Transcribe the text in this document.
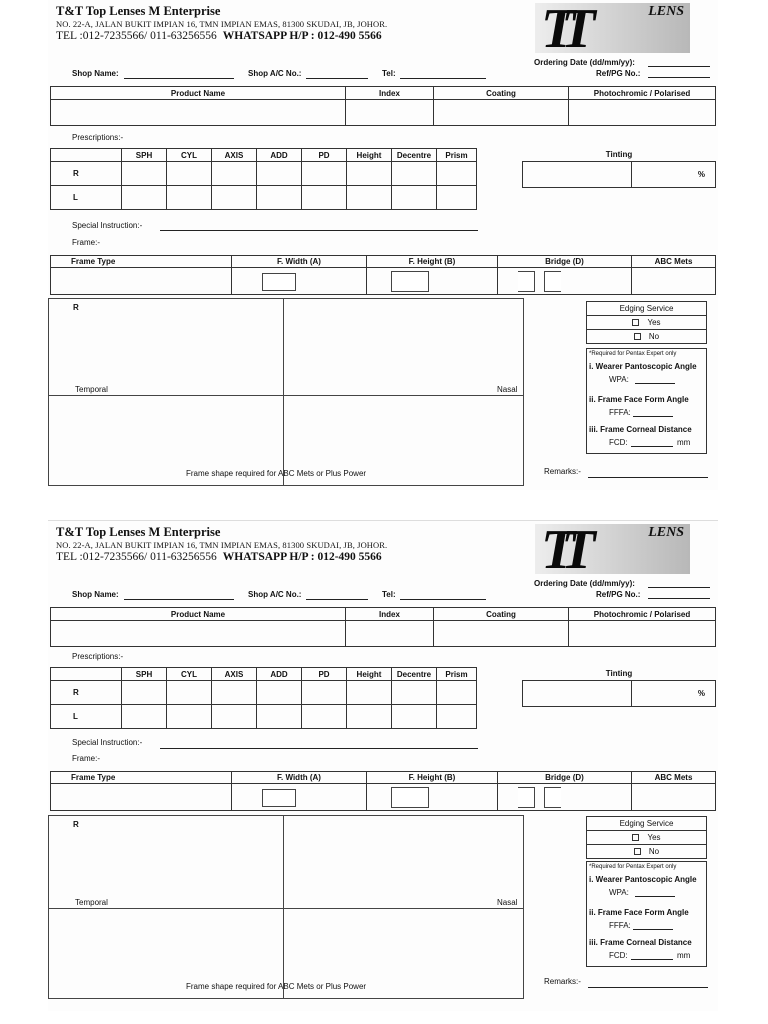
T&T Top Lenses M Enterprise
NO. 22-A, JALAN BUKIT IMPIAN 16, TMN IMPIAN EMAS, 81300 SKUDAI, JB, JOHOR.
TEL :012-7235566/ 011-63256556 WHATSAPP H/P : 012-490 5566	TT	LENS
Shop Name:	Shop A/C No.:	Tel:
Ordering Date (dd/mm/yy):
Ref/PG No.:
Product Name	Index	Coating	Photochromic / Polarised

Prescriptions:-
	SPH	CYL	AXIS	ADD	PD	Height	Decentre	Prism
R								
L								
Tinting
	%
Special Instruction:-
Frame:-
Frame Type	F. Width (A)	F. Height (B)	Bridge (D)	ABC Mets

R
Temporal	Nasal
Frame shape required for ABC Mets or Plus Power
Edging Service
Yes
No
*Required for Pentax Expert only
i. Wearer Pantoscopic Angle
WPA:
ii. Frame Face Form Angle
FFFA:
iii. Frame Corneal Distance
FCD:	mm
Remarks:-
T&T Top Lenses M Enterprise
NO. 22-A, JALAN BUKIT IMPIAN 16, TMN IMPIAN EMAS, 81300 SKUDAI, JB, JOHOR.
TEL :012-7235566/ 011-63256556 WHATSAPP H/P : 012-490 5566	TT	LENS
Shop Name:	Shop A/C No.:	Tel:
Ordering Date (dd/mm/yy):
Ref/PG No.:
Product Name	Index	Coating	Photochromic / Polarised

Prescriptions:-
	SPH	CYL	AXIS	ADD	PD	Height	Decentre	Prism
R								
L								
Tinting
	%
Special Instruction:-
Frame:-
Frame Type	F. Width (A)	F. Height (B)	Bridge (D)	ABC Mets

R
Temporal	Nasal
Frame shape required for ABC Mets or Plus Power
Edging Service
Yes
No
*Required for Pentax Expert only
i. Wearer Pantoscopic Angle
WPA:
ii. Frame Face Form Angle
FFFA:
iii. Frame Corneal Distance
FCD:	mm
Remarks:-
